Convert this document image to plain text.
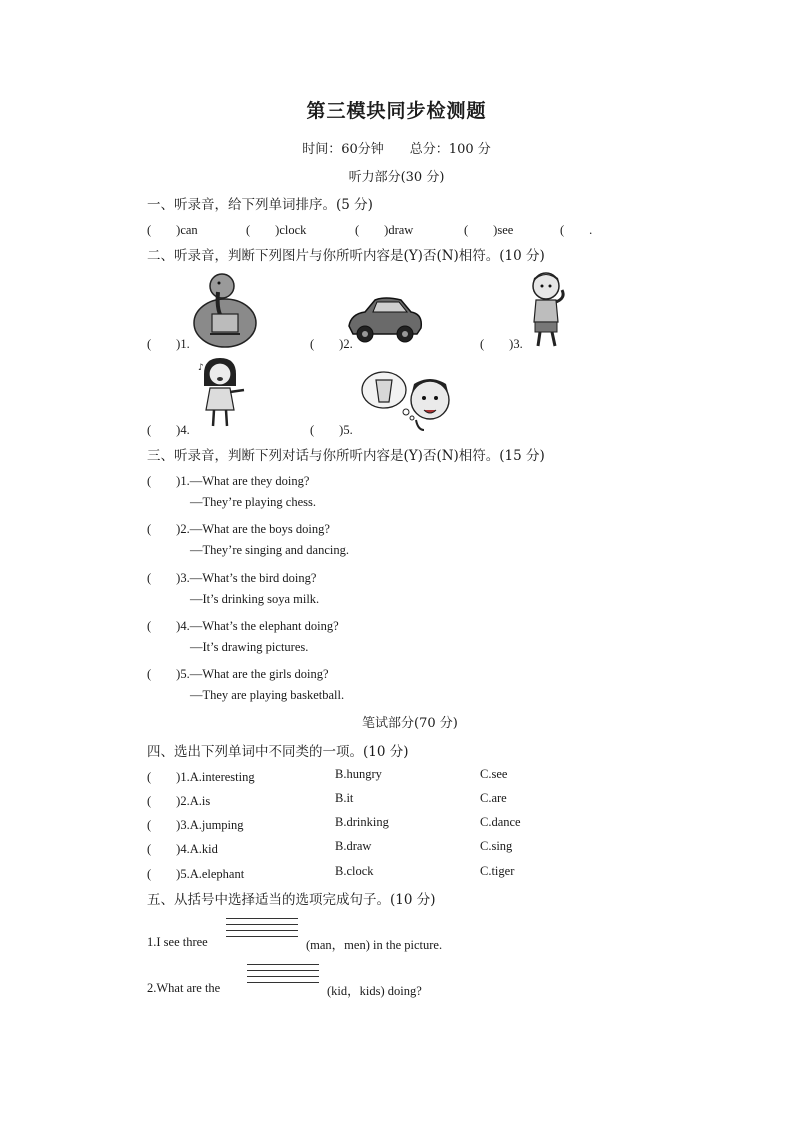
第三模块同步检测题
时间：60分钟　　总分：100 分
听力部分(30 分)
一、听录音，给下列单词排序。(5 分)
(　　)can	(　　)clock	(　　)draw	(　　)see	(　　.
二、听录音，判断下列图片与你所听内容是(Y)否(N)相符。(10 分)
(　　)1.	(　　)2.	(　　)3.
♪
(　　)4.	(　　)5.
三、听录音，判断下列对话与你所听内容是(Y)否(N)相符。(15 分)
(　　)1.—What are they doing?
—They’re playing chess.
(　　)2.—What are the boys doing?
—They’re singing and dancing.
(　　)3.—What’s the bird doing?
—It’s drinking soya milk.
(　　)4.—What’s the elephant doing?
—It’s drawing pictures.
(　　)5.—What are the girls doing?
—They are playing basketball.
笔试部分(70 分)
四、选出下列单词中不同类的一项。(10 分)
(　　)1.A.interesting	B.hungry	C.see
(　　)2.A.is	B.it	C.are
(　　)3.A.jumping	B.drinking	C.dance
(　　)4.A.kid	B.draw	C.sing
(　　)5.A.elephant	B.clock	C.tiger
五、从括号中选择适当的选项完成句子。(10 分)
1.I see three	(man，men) in the picture.
2.What are the	(kid，kids) doing?
